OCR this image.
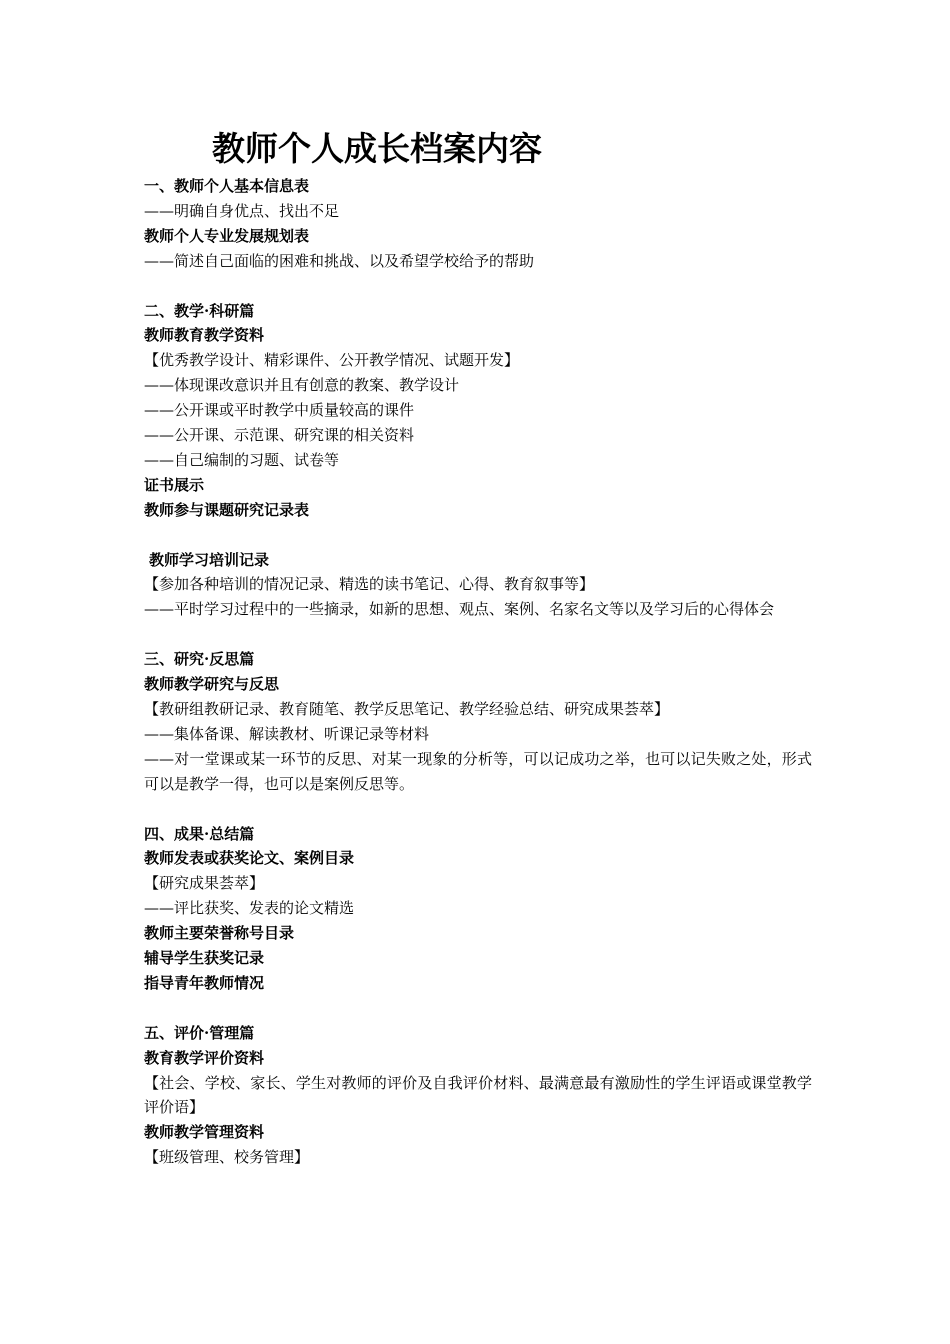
教师个人成长档案内容
一、教师个人基本信息表
——明确自身优点、找出不足
教师个人专业发展规划表
——简述自己面临的困难和挑战、以及希望学校给予的帮助
二、教学·科研篇
教师教育教学资料
【优秀教学设计、精彩课件、公开教学情况、试题开发】
——体现课改意识并且有创意的教案、教学设计
——公开课或平时教学中质量较高的课件
——公开课、示范课、研究课的相关资料
——自己编制的习题、试卷等
证书展示
教师参与课题研究记录表
教师学习培训记录
【参加各种培训的情况记录、精选的读书笔记、心得、教育叙事等】
——平时学习过程中的一些摘录，如新的思想、观点、案例、名家名文等以及学习后的心得体会
三、研究·反思篇
教师教学研究与反思
【教研组教研记录、教育随笔、教学反思笔记、教学经验总结、研究成果荟萃】
——集体备课、解读教材、听课记录等材料
——对一堂课或某一环节的反思、对某一现象的分析等，可以记成功之举，也可以记失败之处，形式可以是教学一得，也可以是案例反思等。
四、成果·总结篇
教师发表或获奖论文、案例目录
【研究成果荟萃】
——评比获奖、发表的论文精选
教师主要荣誉称号目录
辅导学生获奖记录
指导青年教师情况
五、评价·管理篇
教育教学评价资料
【社会、学校、家长、学生对教师的评价及自我评价材料、最满意最有激励性的学生评语或课堂教学评价语】
教师教学管理资料
【班级管理、校务管理】
